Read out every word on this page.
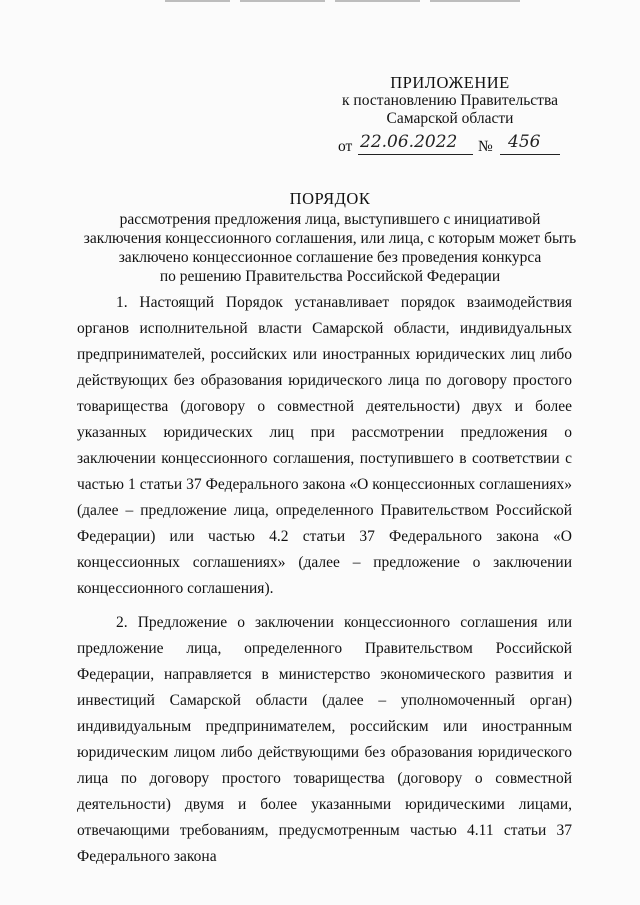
ПРИЛОЖЕНИЕ
к постановлению Правительства
Самарской области
от 22.06.2022 № 456
ПОРЯДОК
рассмотрения предложения лица, выступившего с инициативой
заключения концессионного соглашения, или лица, с которым может быть
заключено концессионное соглашение без проведения конкурса
по решению Правительства Российской Федерации

1. Настоящий Порядок устанавливает порядок взаимодействия органов исполнительной власти Самарской области, индивидуальных предпринимателей, российских или иностранных юридических лиц либо действующих без образования юридического лица по договору простого товарищества (договору о совместной деятельности) двух и более указанных юридических лиц при рассмотрении предложения о заключении концессионного соглашения, поступившего в соответствии с частью 1 статьи 37 Федерального закона «О концессионных соглашениях» (далее – предложение лица, определенного Правительством Российской Федерации) или частью 4.2 статьи 37 Федерального закона «О концессионных соглашениях» (далее – предложение о заключении концессионного соглашения).

2. Предложение о заключении концессионного соглашения или предложение лица, определенного Правительством Российской Федерации, направляется в министерство экономического развития и инвестиций Самарской области (далее – уполномоченный орган) индивидуальным предпринимателем, российским или иностранным юридическим лицом либо действующими без образования юридического лица по договору простого товарищества (договору о совместной деятельности) двумя и более указанными юридическими лицами, отвечающими требованиям, предусмотренным частью 4.11 статьи 37 Федерального закона
